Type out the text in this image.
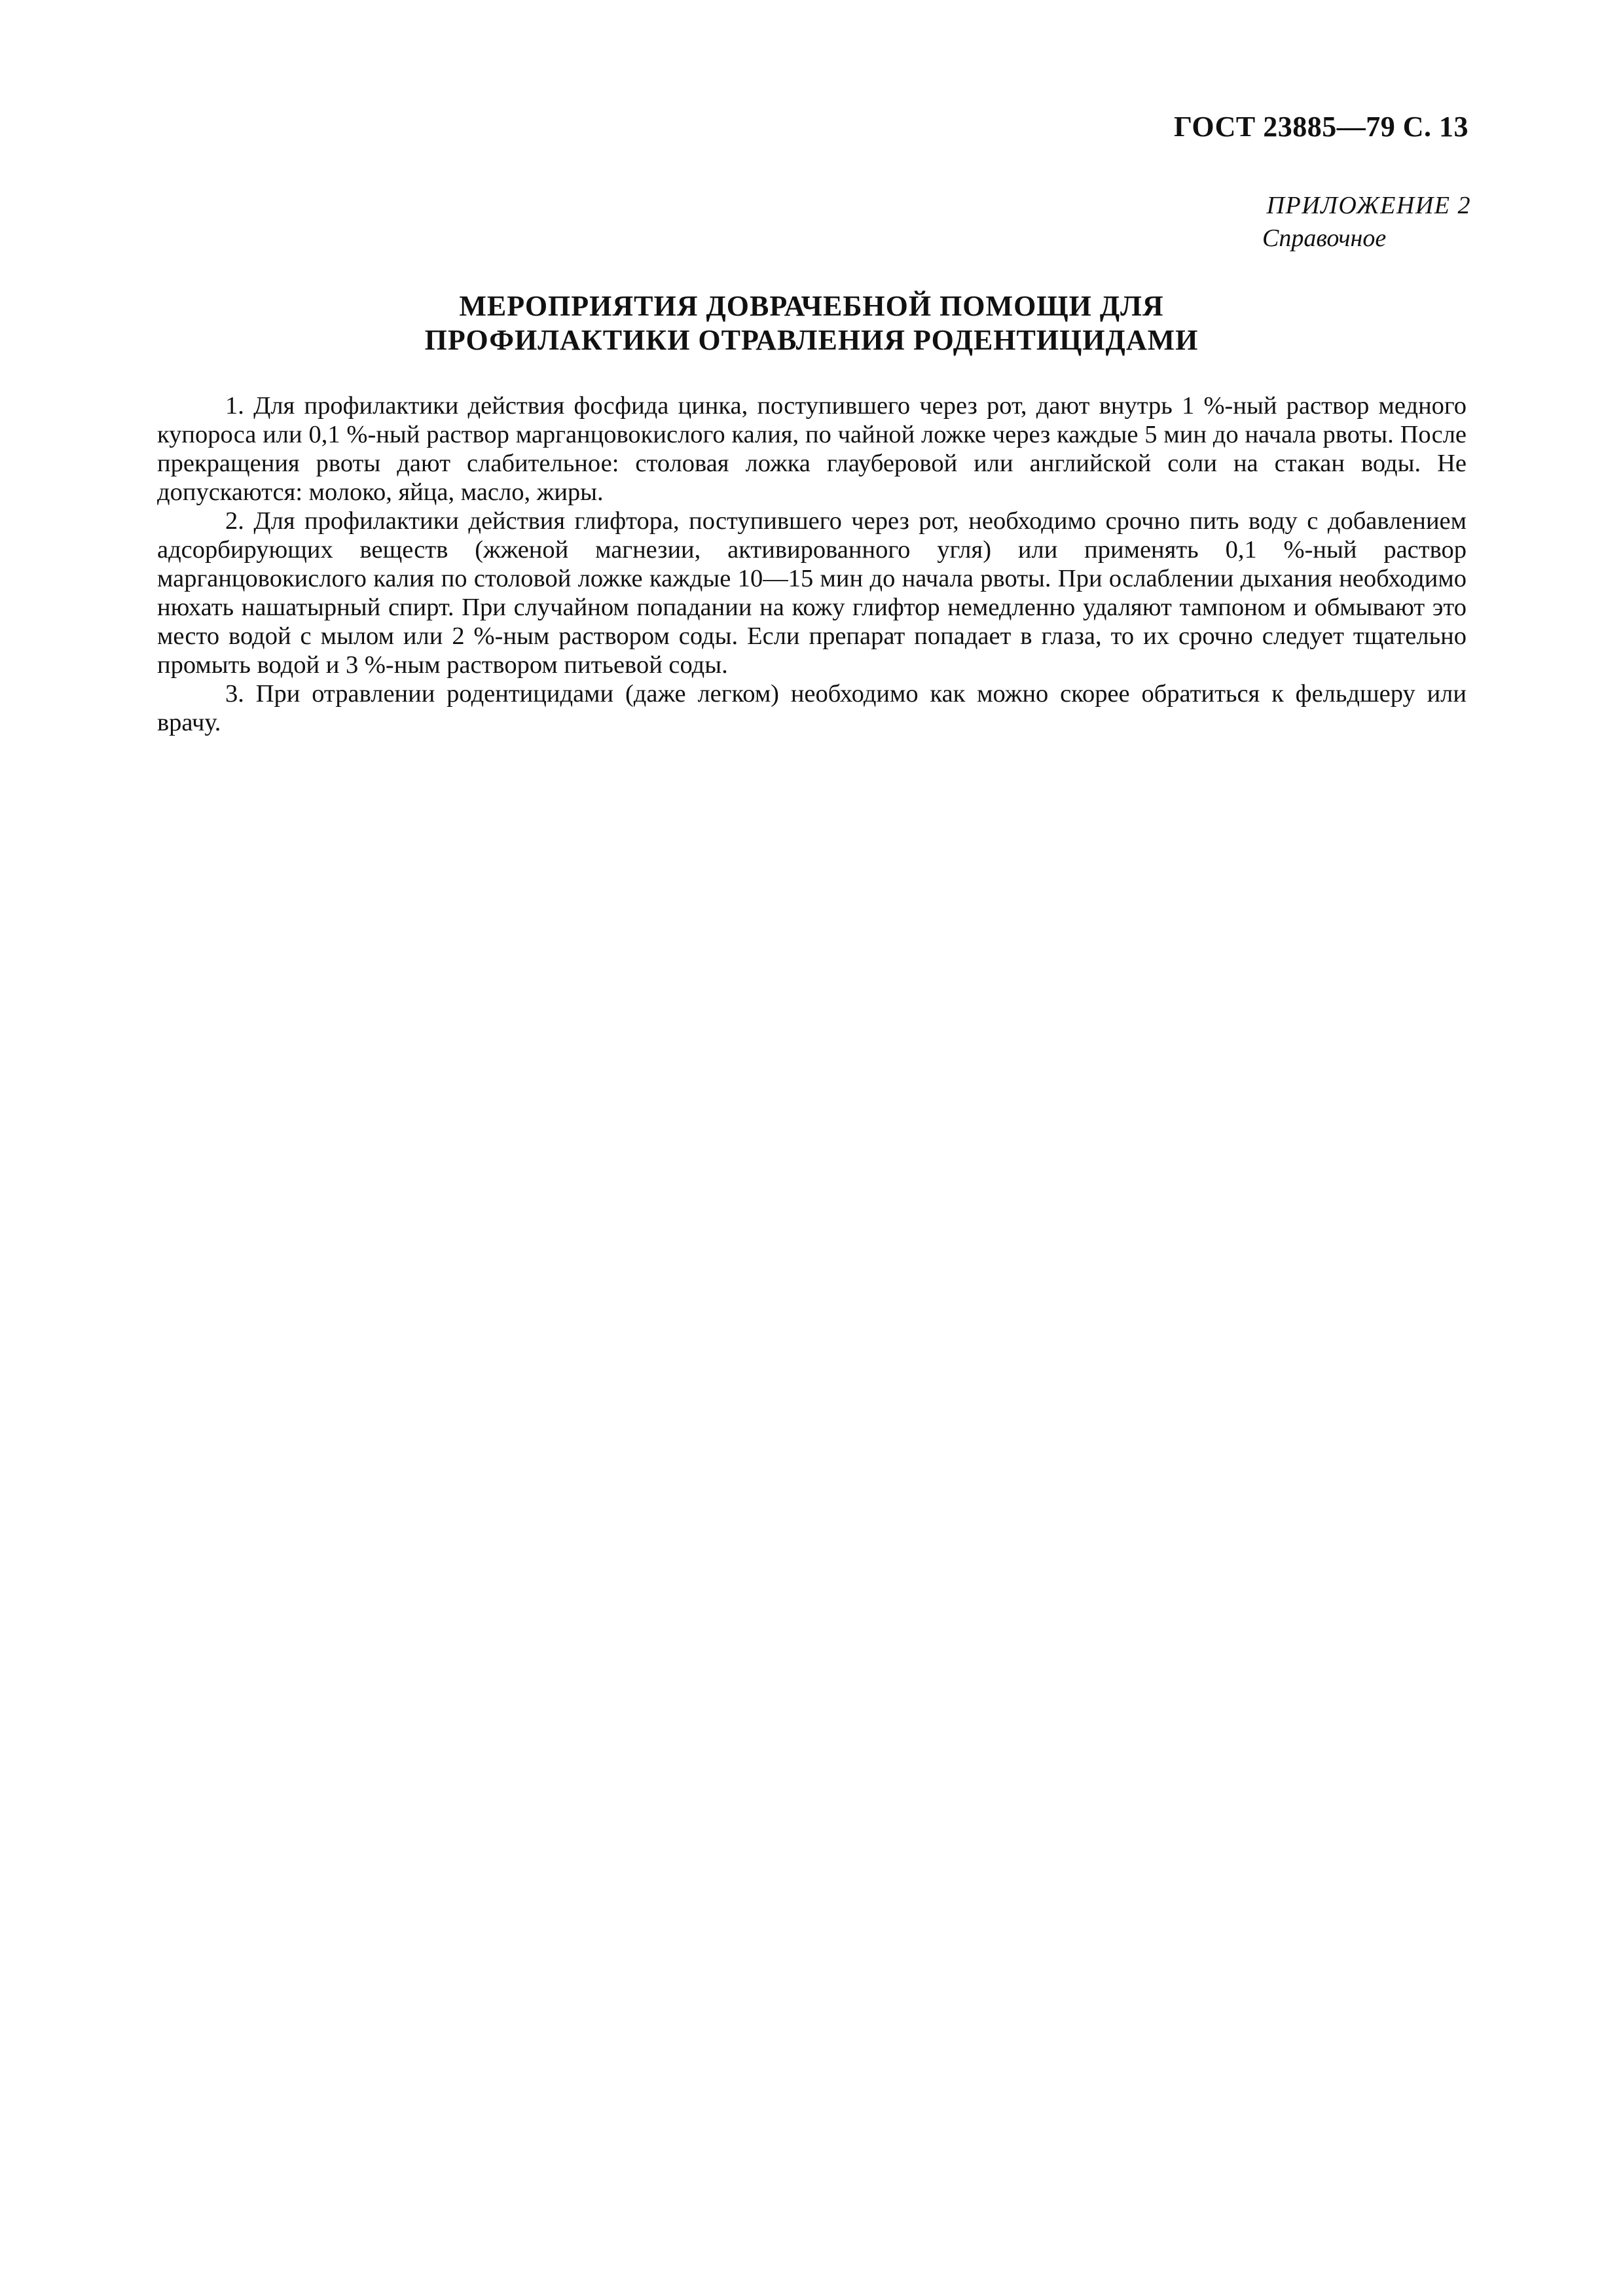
ГОСТ 23885—79 С. 13
ПРИЛОЖЕНИЕ 2
Справочное
МЕРОПРИЯТИЯ ДОВРАЧЕБНОЙ ПОМОЩИ ДЛЯ
ПРОФИЛАКТИКИ ОТРАВЛЕНИЯ РОДЕНТИЦИДАМИ

1. Для профилактики действия фосфида цинка, поступившего через рот, дают внутрь 1 %-ный раствор медного купороса или 0,1 %-ный раствор марганцовокислого калия, по чайной ложке через каждые 5 мин до начала рвоты. После прекращения рвоты дают слабительное: столовая ложка глауберовой или английской соли на стакан воды. Не допускаются: молоко, яйца, масло, жиры.

2. Для профилактики действия глифтора, поступившего через рот, необходимо срочно пить воду с добавлением адсорбирующих веществ (жженой магнезии, активированного угля) или применять 0,1 %-ный раствор марганцовокислого калия по столовой ложке каждые 10—15 мин до начала рвоты. При ослаблении дыхания необходимо нюхать нашатырный спирт. При случайном попадании на кожу глифтор немедленно удаляют тампоном и обмывают это место водой с мылом или 2 %-ным раствором соды. Если препарат попадает в глаза, то их срочно следует тщательно промыть водой и 3 %-ным раствором питьевой соды.

3. При отравлении родентицидами (даже легком) необходимо как можно скорее обратиться к фельдшеру или врачу.
